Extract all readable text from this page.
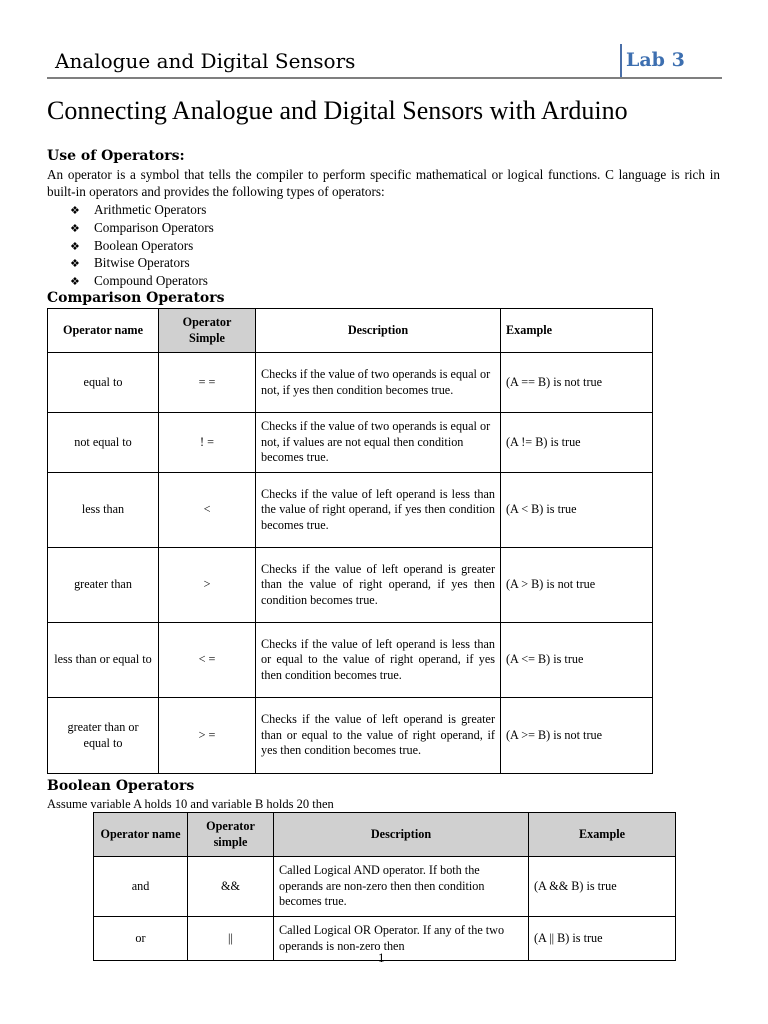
Analogue and Digital Sensors	Lab 3
Connecting Analogue and Digital Sensors with Arduino
Use of Operators:
An operator is a symbol that tells the compiler to perform specific mathematical or logical functions. C language is rich in built-in operators and provides the following types of operators:
❖ Arithmetic Operators
❖ Comparison Operators
❖ Boolean Operators
❖ Bitwise Operators
❖ Compound Operators
Comparison Operators
Operator name	Operator Simple	Description	Example
equal to	= =	Checks if the value of two operands is equal or not, if yes then condition becomes true.	(A == B) is not true
not equal to	! =	Checks if the value of two operands is equal or not, if values are not equal then condition becomes true.	(A != B) is true
less than	<	Checks if the value of left operand is less than the value of right operand, if yes then condition becomes true.	(A < B) is true
greater than	>	Checks if the value of left operand is greater than the value of right operand, if yes then condition becomes true.	(A > B) is not true
less than or equal to	< =	Checks if the value of left operand is less than or equal to the value of right operand, if yes then condition becomes true.	(A <= B) is true
greater than or equal to	> =	Checks if the value of left operand is greater than or equal to the value of right operand, if yes then condition becomes true.	(A >= B) is not true
Boolean Operators
Assume variable A holds 10 and variable B holds 20 then
Operator name	Operator simple	Description	Example
and	&&	Called Logical AND operator. If both the operands are non-zero then then condition becomes true.	(A && B) is true
or	||	Called Logical OR Operator. If any of the two operands is non-zero then	(A || B) is true
1
